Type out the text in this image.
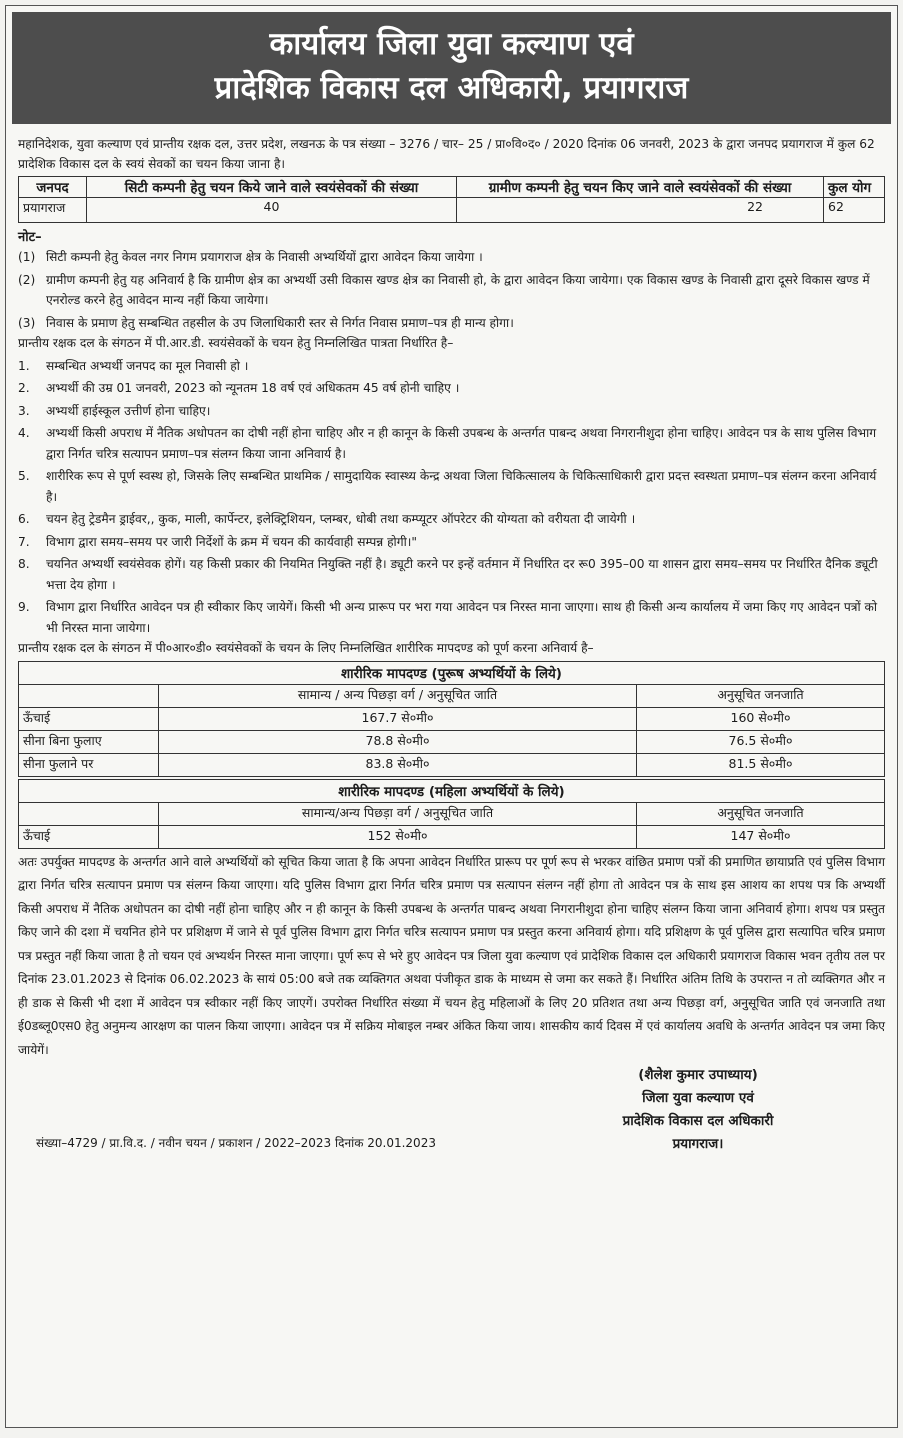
कार्यालय जिला युवा कल्याण एवं
प्रादेशिक विकास दल अधिकारी, प्रयागराज
महानिदेशक, युवा कल्याण एवं प्रान्तीय रक्षक दल, उत्तर प्रदेश, लखनऊ के पत्र संख्या – 3276 / चार– 25 / प्रा०वि०द० / 2020 दिनांक 06 जनवरी, 2023 के द्वारा जनपद प्रयागराज में कुल 62 प्रादेशिक विकास दल के स्वयं सेवकों का चयन किया जाना है।
जनपद	सिटी कम्पनी हेतु चयन किये जाने वाले स्वयंसेवकों की संख्या	ग्रामीण कम्पनी हेतु चयन किए जाने वाले स्वयंसेवकों की संख्या	कुल योग
प्रयागराज	40	22	62
नोट–
(1) सिटी कम्पनी हेतु केवल नगर निगम प्रयागराज क्षेत्र के निवासी अभ्यर्थियों द्वारा आवेदन किया जायेगा ।
(2) ग्रामीण कम्पनी हेतु यह अनिवार्य है कि ग्रामीण क्षेत्र का अभ्यर्थी उसी विकास खण्ड क्षेत्र का निवासी हो, के द्वारा आवेदन किया जायेगा। एक विकास खण्ड के निवासी द्वारा दूसरे विकास खण्ड में एनरोल्ड करने हेतु आवेदन मान्य नहीं किया जायेगा।
(3) निवास के प्रमाण हेतु सम्बन्धित तहसील के उप जिलाधिकारी स्तर से निर्गत निवास प्रमाण–पत्र ही मान्य होगा।
प्रान्तीय रक्षक दल के संगठन में पी.आर.डी. स्वयंसेवकों के चयन हेतु निम्नलिखित पात्रता निर्धारित है–
1.	सम्बन्धित अभ्यर्थी जनपद का मूल निवासी हो ।
2.	अभ्यर्थी की उम्र 01 जनवरी, 2023 को न्यूनतम 18 वर्ष एवं अधिकतम 45 वर्ष होनी चाहिए ।
3.	अभ्यर्थी हाईस्कूल उत्तीर्ण होना चाहिए।
4.	अभ्यर्थी किसी अपराध में नैतिक अधोपतन का दोषी नहीं होना चाहिए और न ही कानून के किसी उपबन्ध के अन्तर्गत पाबन्द अथवा निगरानीशुदा होना चाहिए। आवेदन पत्र के साथ पुलिस विभाग द्वारा निर्गत चरित्र सत्यापन प्रमाण–पत्र संलग्न किया जाना अनिवार्य है।
5.	शारीरिक रूप से पूर्ण स्वस्थ हो, जिसके लिए सम्बन्धित प्राथमिक / सामुदायिक स्वास्थ्य केन्द्र अथवा जिला चिकित्सालय के चिकित्साधिकारी द्वारा प्रदत्त स्वस्थता प्रमाण–पत्र संलग्न करना अनिवार्य है।
6.	चयन हेतु ट्रेडमैन ड्राईवर,, कुक, माली, कार्पेन्टर, इलेक्ट्रिशियन, प्लम्बर, धोबी तथा कम्प्यूटर ऑपरेटर की योग्यता को वरीयता दी जायेगी ।
7.	विभाग द्वारा समय–समय पर जारी निर्देशों के क्रम में चयन की कार्यवाही सम्पन्न होगी।"
8.	चयनित अभ्यर्थी स्वयंसेवक होगें। यह किसी प्रकार की नियमित नियुक्ति नहीं है। ड्यूटी करने पर इन्हें वर्तमान में निर्धारित दर रू0 395–00 या शासन द्वारा समय–समय पर निर्धारित दैनिक ड्यूटी भत्ता देय होगा ।
9.	विभाग द्वारा निर्धारित आवेदन पत्र ही स्वीकार किए जायेगें। किसी भी अन्य प्रारूप पर भरा गया आवेदन पत्र निरस्त माना जाएगा। साथ ही किसी अन्य कार्यालय में जमा किए गए आवेदन पत्रों को भी निरस्त माना जायेगा।
प्रान्तीय रक्षक दल के संगठन में पी०आर०डी० स्वयंसेवकों के चयन के लिए निम्नलिखित शारीरिक मापदण्ड को पूर्ण करना अनिवार्य है–
शारीरिक मापदण्ड (पुरूष अभ्यर्थियों के लिये)
	सामान्य / अन्य पिछड़ा वर्ग / अनुसूचित जाति	अनुसूचित जनजाति
ऊँचाई	167.7 से०मी०	160 से०मी०
सीना बिना फुलाए	78.8 से०मी०	76.5 से०मी०
सीना फुलाने पर	83.8 से०मी०	81.5 से०मी०
शारीरिक मापदण्ड (महिला अभ्यर्थियों के लिये)
	सामान्य/अन्य पिछड़ा वर्ग / अनुसूचित जाति	अनुसूचित जनजाति
ऊँचाई	152 से०मी०	147 से०मी०
अतः उपर्युक्त मापदण्ड के अन्तर्गत आने वाले अभ्यर्थियों को सूचित किया जाता है कि अपना आवेदन निर्धारित प्रारूप पर पूर्ण रूप से भरकर वांछित प्रमाण पत्रों की प्रमाणित छायाप्रति एवं पुलिस विभाग द्वारा निर्गत चरित्र सत्यापन प्रमाण पत्र संलग्न किया जाएगा। यदि पुलिस विभाग द्वारा निर्गत चरित्र प्रमाण पत्र सत्यापन संलग्न नहीं होगा तो आवेदन पत्र के साथ इस आशय का शपथ पत्र कि अभ्यर्थी किसी अपराध में नैतिक अधोपतन का दोषी नहीं होना चाहिए और न ही कानून के किसी उपबन्ध के अन्तर्गत पाबन्द अथवा निगरानीशुदा होना चाहिए संलग्न किया जाना अनिवार्य होगा। शपथ पत्र प्रस्तुत किए जाने की दशा में चयनित होने पर प्रशिक्षण में जाने से पूर्व पुलिस विभाग द्वारा निर्गत चरित्र सत्यापन प्रमाण पत्र प्रस्तुत करना अनिवार्य होगा। यदि प्रशिक्षण के पूर्व पुलिस द्वारा सत्यापित चरित्र प्रमाण पत्र प्रस्तुत नहीं किया जाता है तो चयन एवं अभ्यर्थन निरस्त माना जाएगा। पूर्ण रूप से भरे हुए आवेदन पत्र जिला युवा कल्याण एवं प्रादेशिक विकास दल अधिकारी प्रयागराज विकास भवन तृतीय तल पर दिनांक 23.01.2023 से दिनांक 06.02.2023 के सायं 05:00 बजे तक व्यक्तिगत अथवा पंजीकृत डाक के माध्यम से जमा कर सकते हैं। निर्धारित अंतिम तिथि के उपरान्त न तो व्यक्तिगत और न ही डाक से किसी भी दशा में आवेदन पत्र स्वीकार नहीं किए जाएगें। उपरोक्त निर्धारित संख्या में चयन हेतु महिलाओं के लिए 20 प्रतिशत तथा अन्य पिछड़ा वर्ग, अनुसूचित जाति एवं जनजाति तथा ई0डब्लू0एस0 हेतु अनुमन्य आरक्षण का पालन किया जाएगा। आवेदन पत्र में सक्रिय मोबाइल नम्बर अंकित किया जाय। शासकीय कार्य दिवस में एवं कार्यालय अवधि के अन्तर्गत आवेदन पत्र जमा किए जायेगें।
(शैलेश कुमार उपाध्याय)
जिला युवा कल्याण एवं
प्रादेशिक विकास दल अधिकारी
प्रयागराज।
संख्या–4729 / प्रा.वि.द. / नवीन चयन / प्रकाशन / 2022–2023 दिनांक 20.01.2023
